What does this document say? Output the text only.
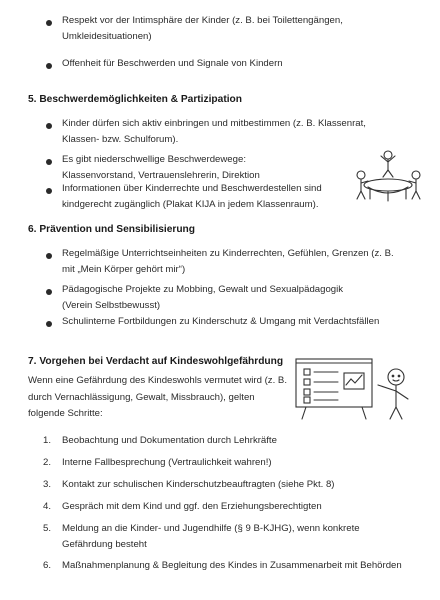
Respekt vor der Intimsphäre der Kinder (z. B. bei Toilettengängen, Umkleidesituationen)
Offenheit für Beschwerden und Signale von Kindern
5. Beschwerdemöglichkeiten & Partizipation
Kinder dürfen sich aktiv einbringen und mitbestimmen (z. B. Klassenrat, Klassen- bzw. Schulforum).
Es gibt niederschwellige Beschwerdewege: Klassenvorstand, Vertrauenslehrerin, Direktion
Informationen über Kinderrechte und Beschwerdestellen sind kindgerecht zugänglich (Plakat KIJA in jedem Klassenraum).
6. Prävention und Sensibilisierung
Regelmäßige Unterrichtseinheiten zu Kinderrechten, Gefühlen, Grenzen (z. B. mit „Mein Körper gehört mir“)
Pädagogische Projekte zu Mobbing, Gewalt und Sexualpädagogik (Verein Selbstbewusst)
Schulinterne Fortbildungen zu Kinderschutz & Umgang mit Verdachtsfällen
7. Vorgehen bei Verdacht auf Kindeswohlgefährdung
Wenn eine Gefährdung des Kindeswohls vermutet wird (z. B. durch Vernachlässigung, Gewalt, Missbrauch), gelten folgende Schritte:
1. Beobachtung und Dokumentation durch Lehrkräfte
2. Interne Fallbesprechung (Vertraulichkeit wahren!)
3. Kontakt zur schulischen Kinderschutzbeauftragten (siehe Pkt. 8)
4. Gespräch mit dem Kind und ggf. den Erziehungsberechtigten
5. Meldung an die Kinder- und Jugendhilfe (§ 9 B-KJHG), wenn konkrete Gefährdung besteht
6. Maßnahmenplanung & Begleitung des Kindes in Zusammenarbeit mit Behörden
